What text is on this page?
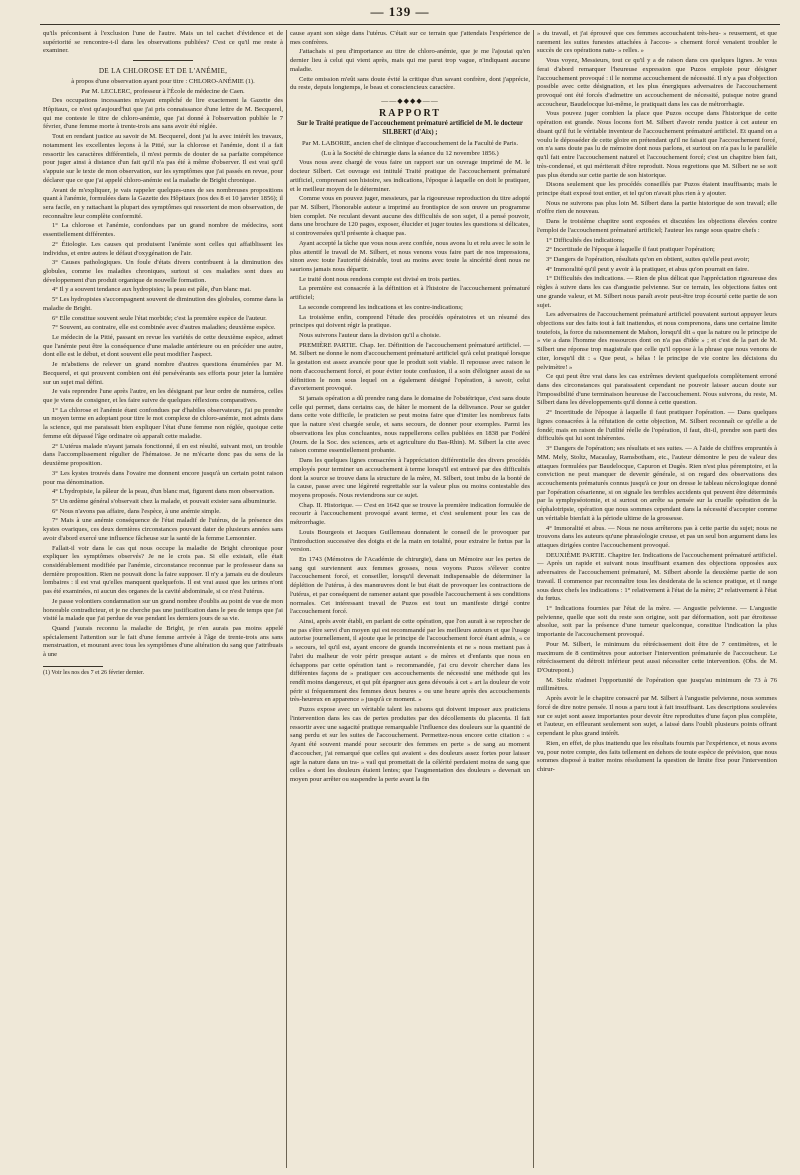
— 139 —

qu'ils préconisent à l'exclusion l'une de l'autre. Mais un tel cachet d'évidence et de supériorité se rencontre-t-il dans les observations publiées? C'est ce qu'il me reste à examiner.

DE LA CHLOROSE ET DE L'ANÉMIE,

à propos d'une observation ayant pour titre : CHLORO-ANÉMIE (1).

Par M. LECLERC, professeur à l'École de médecine de Caen.

Des occupations incessantes m'ayant empêché de lire exactement la Gazette des Hôpitaux, ce n'est qu'aujourd'hui que j'ai pris connaissance d'une lettre de M. Becquerel, qui me conteste le titre de chloro-anémie, que j'ai donné à l'observation publiée le 7 février, d'une femme morte à trente-trois ans sans avoir été réglée.

Tout en rendant justice au savoir de M. Becquerel, dont j'ai lu avec intérêt les travaux, notamment les excellentes leçons à la Pitié, sur la chlorose et l'anémie, dont il a fait ressortir les caractères différentiels, il m'est permis de douter de sa parfaite compétence pour juger ainsi à distance d'un fait qu'il n'a pas été à même d'observer. Il est vrai qu'il s'appuie sur le texte de mon observation, sur les symptômes que j'ai passés en revue, pour déclarer que ce que j'ai appelé chloro-anémie est la maladie de Bright chronique.

Avant de m'expliquer, je vais rappeler quelques-unes de ses nombreuses propositions quant à l'anémie, formulées dans la Gazette des Hôpitaux (nos des 8 et 10 janvier 1856); il sera facile, en y rattachant la plupart des symptômes qui ressortent de mon observation, de reconnaître leur complète conformité.

1° La chlorose et l'anémie, confondues par un grand nombre de médecins, sont essentiellement différentes.

2° Étiologie. Les causes qui produisent l'anémie sont celles qui affaiblissent les individus, et entre autres le défaut d'oxygénation de l'air.

3° Causes pathologiques. Un foule d'états divers contribuent à la diminution des globules, comme les maladies chroniques, surtout si ces maladies sont dues au développement d'un produit organique de nouvelle formation.

4° Il y a souvent tendance aux hydropisies; la peau est pâle, d'un blanc mat.

5° Les hydropisies s'accompagnent souvent de diminution des globules, comme dans la maladie de Bright.

6° Elle constitue souvent seule l'état morbide; c'est la première espèce de l'auteur.

7° Souvent, au contraire, elle est combinée avec d'autres maladies; deuxième espèce.

Le médecin de la Pitié, passant en revue les variétés de cette deuxième espèce, admet que l'anémie peut être la conséquence d'une maladie antérieure ou en précéder une autre, dont elle est le début, et dont souvent elle peut modifier l'aspect.

Je m'abstiens de relever un grand nombre d'autres questions énumérées par M. Becquerel, et qui prouvent combien ont été persévérants ses efforts pour jeter la lumière sur un sujet mal défini.

Je vais reprendre l'une après l'autre, en les désignant par leur ordre de numéros, celles que je viens de consigner, et les faire suivre de quelques réflexions comparatives.

1° La chlorose et l'anémie étant confondues par d'habiles observateurs, j'ai pu prendre un moyen terme en adoptant pour titre le mot complexe de chloro-anémie, mot admis dans la science, qui me paraissait bien expliquer l'état d'une femme non réglée, quoique cette femme eût dépassé l'âge ordinaire où apparaît cette maladie.

2° L'utérus malade n'ayant jamais fonctionné, il en est résulté, suivant moi, un trouble dans l'accomplissement régulier de l'hématose. Je ne m'écarte donc pas du sens de la deuxième proposition.

3° Les kystes trouvés dans l'ovaire me donnent encore jusqu'à un certain point raison pour ma dénomination.

4° L'hydropisie, la pâleur de la peau, d'un blanc mat, figurent dans mon observation.

5° Un œdème général s'observait chez la malade, et pouvait exister sans albuminurie.

6° Nous n'avons pas affaire, dans l'espèce, à une anémie simple.

7° Mais à une anémie conséquence de l'état maladif de l'utérus, de la présence des kystes ovariques, ces deux dernières circonstances pouvant dater de plusieurs années sans avoir d'abord exercé une influence fâcheuse sur la santé de la femme Lemonnier.

Fallait-il voir dans le cas qui nous occupe la maladie de Bright chronique pour expliquer les symptômes observés? Je ne le crois pas. Si elle existait, elle était considérablement modifiée par l'anémie, circonstance reconnue par le professeur dans sa dernière proposition. Rien ne pouvait donc la faire supposer. Il n'y a jamais eu de douleurs lombaires : il est vrai qu'elles manquent quelquefois. Il est vrai aussi que les urines n'ont pas été examinées, ni aucun des organes de la cavité abdominale, si ce n'est l'utérus.

Je passe volontiers condamnation sur un grand nombre d'oublis au point de vue de mon honorable contradicteur, et je ne cherche pas une justification dans le peu de temps que j'ai visité la malade que j'ai perdue de vue pendant les derniers jours de sa vie.

Quand j'aurais reconnu la maladie de Bright, je n'en aurais pas moins appelé spécialement l'attention sur le fait d'une femme arrivée à l'âge de trente-trois ans sans menstruation, et mourant avec tous les symptômes d'une altération du sang que j'attribuais à une

(1) Voir les nos des 7 et 26 février dernier.

cause ayant son siège dans l'utérus. C'était sur ce terrain que j'attendais l'expérience de mes confrères.

J'attachais si peu d'importance au titre de chloro-anémie, que je me l'ajoutai qu'en dernier lieu à celui qui vient après, mais qui me parut trop vague, n'indiquant aucune maladie.

Cette omission m'eût sans doute évité la critique d'un savant confrère, dont j'apprécie, du reste, depuis longtemps, le beau et consciencieux caractère.

——◆◆◆◆——
RAPPORT

Sur le Traité pratique de l'accouchement prématuré artificiel de M. le docteur SILBERT (d'Aix) ;

Par M. LABORIE, ancien chef de clinique d'accouchement de la Faculté de Paris.

(Lu à la Société de chirurgie dans la séance du 12 novembre 1856.)

Vous nous avez chargé de vous faire un rapport sur un ouvrage imprimé de M. le docteur Silbert. Cet ouvrage est intitulé Traité pratique de l'accouchement prématuré artificiel, comprenant son histoire, ses indications, l'époque à laquelle on doit le pratiquer, et le meilleur moyen de le déterminer.

Comme vous en pouvez juger, messieurs, par la rigoureuse reproduction du titre adopté par M. Silbert, l'honorable auteur a imprimé au frontispice de son œuvre un programme bien complet. Ne reculant devant aucune des difficultés de son sujet, il a pensé pouvoir, dans une brochure de 120 pages, exposer, élucider et juger toutes les questions si délicates, si controversées qu'il présente à chaque pas.

Ayant accepté la tâche que vous nous avez confiée, nous avons lu et relu avec le soin le plus attentif le travail de M. Silbert, et nous venons vous faire part de nos impressions, sinon avec toute l'autorité désirable, tout au moins avec toute la sincérité dont nous ne saurions jamais nous départir.

Le traité dont nous rendons compte est divisé en trois parties.

La première est consacrée à la définition et à l'histoire de l'accouchement prématuré artificiel;

La seconde comprend les indications et les contre-indications;

La troisième enfin, comprend l'étude des procédés opératoires et un résumé des principes qui doivent régir la pratique.

Nous suivrons l'auteur dans la division qu'il a choisie.

PREMIÈRE PARTIE. Chap. Ier. Définition de l'accouchement prématuré artificiel. — M. Silbert ne donne le nom d'accouchement prématuré artificiel qu'à celui pratiqué lorsque la gestation est assez avancée pour que le produit soit viable. Il repousse avec raison le nom d'accouchement forcé, et pour éviter toute confusion, il a soin d'éloigner aussi de sa définition le nom sous lequel on a également désigné l'opération, à savoir, celui d'avortement provoqué.

Si jamais opération a dû prendre rang dans le domaine de l'obstétrique, c'est sans doute celle qui permet, dans certains cas, de hâter le moment de la délivrance. Pour se guider dans cette voie difficile, le praticien se peut moins faire que d'imiter les nombreux faits que la nature s'est chargée seule, et sans secours, de donner pour exemples. Parmi les observations les plus concluantes, nous rappellerons celles publiées en 1838 par Fodéré (Journ. de la Soc. des sciences, arts et agriculture du Bas-Rhin). M. Silbert la cite avec raison comme essentiellement probante.

Dans les quelques lignes consacrées à l'appréciation différentielle des divers procédés employés pour terminer un accouchement à terme lorsqu'il est entravé par des difficultés dont la source se trouve dans la structure de la mère, M. Silbert, tout imbu de la bonté de la cause, passe avec une légèreté regrettable sur la valeur plus ou moins contestable des moyens proposés. Nous reviendrons sur ce sujet.

Chap. II. Historique. — C'est en 1642 que se trouve la première indication formulée de recourir à l'accouchement provoqué avant terme, et c'est seulement pour les cas de métrorrhagie.

Louis Bourgeois et Jacques Guillemeau donnaient le conseil de le provoquer par l'introduction successive des doigts et de la main en totalité, pour extraire le fœtus par la version.

En 1743 (Mémoires de l'Académie de chirurgie), dans un Mémoire sur les pertes de sang qui surviennent aux femmes grosses, nous voyons Puzos s'élever contre l'accouchement forcé, et conseiller, lorsqu'il devenait indispensable de déterminer la déplétion de l'utérus, à des manœuvres dont le but était de provoquer les contractions de l'utérus, et par conséquent de ramener autant que possible l'accouchement à ses conditions normales. Cet intéressant travail de Puzos est tout un manifeste dirigé contre l'accouchement forcé.

Ainsi, après avoir établi, en parlant de cette opération, que l'on aurait à se reprocher de ne pas s'être servi d'un moyen qui est recommandé par les meilleurs auteurs et que l'usage autorise journellement, il ajoute que le principe de l'accouchement forcé étant admis, « ce » secours, tel qu'il est, ayant encore de grands inconvénients et ne » nous mettant pas à l'abri du malheur de voir périr presque autant » de mères et d'enfants que nous en échappons par cette opération tant » recommandée, j'ai cru devoir chercher dans les différentes façons de » pratiquer ces accouchements de nécessité une méthode qui les rendît moins dangereux, et qui pût épargner aux gens dévoués à cet » art la douleur de voir périr si fréquemment des femmes deux heures » ou une heure après des accouchements très-heureux en apparence » jusqu'à ce moment. »

Puzos expose avec un véritable talent les raisons qui doivent imposer aux praticiens l'intervention dans les cas de pertes produites par des décollements du placenta. Il fait ressortir avec une sagacité pratique remarquable l'influence des douleurs sur la quantité de sang perdu et sur les suites de l'accouchement. Permettez-nous encore cette citation : « Ayant été souvent mandé pour secourir des femmes en perte » de sang au moment d'accoucher, j'ai remarqué que celles qui avaient » des douleurs assez fortes pour laisser agir la nature dans un tra- » vail qui promettait de la célérité perdaient moins de sang que celles » dont les douleurs étaient lentes; que l'augmentation des douleurs » devenait un moyen pour arrêter ou suspendre la perte avant la fin

» du travail, et j'ai éprouvé que ces femmes accouchaient très-heu- » reusement, et que rarement les suites funestes attachées à l'accou- » chement forcé venaient troubler le succès de ces opérations natu- » relles. »

Vous voyez, Messieurs, tout ce qu'il y a de raison dans ces quelques lignes. Je vous ferai d'abord remarquer l'heureuse expression que Puzos emploie pour désigner l'accouchement provoqué : il le nomme accouchement de nécessité. Il n'y a pas d'objection possible avec cette désignation, et les plus énergiques adversaires de l'accouchement provoqué ont été forcés d'admettre un accouchement de nécessité, puisque notre grand accoucheur, Baudelocque lui-même, le pratiquait dans les cas de métrorrhagie.

Vous pouvez juger combien la place que Puzos occupe dans l'historique de cette opération est grande. Nous locons fort M. Silbert d'avoir rendu justice à cet auteur en disant qu'il fut le véritable inventeur de l'accouchement prématuré artificiel. Et quand on a voulu le déposséder de cette gloire en prétendant qu'il ne faisait que l'accouchement forcé, on n'a sans doute pas lu de mémoire dont nous parlons, et surtout on n'a pas lu le parallèle qu'il fait entre l'accouchement naturel et l'accouchement forcé; c'est un chapitre bien fait, très-condensé, et qui mériterait d'être reproduit. Nous regrettons que M. Silbert ne se soit pas plus étendu sur cette partie de son historique.

Disons seulement que les procédés conseillés par Puzos étaient insuffisants; mais le principe était exposé tout entier, et tel qu'on n'avait plus rien à y ajouter.

Nous ne suivrons pas plus loin M. Silbert dans la partie historique de son travail; elle n'offre rien de nouveau.

Dans le troisième chapitre sont exposées et discutées les objections élevées contre l'emploi de l'accouchement prématuré artificiel; l'auteur les range sous quatre chefs :

1° Difficultés des indications;

2° Incertitude de l'époque à laquelle il faut pratiquer l'opération;

3° Dangers de l'opération, résultats qu'on en obtient, suites qu'elle peut avoir;

4° Immoralité qu'il peut y avoir à la pratiquer, et abus qu'on pourrait en faire.

1° Difficultés des indications. — Rien de plus délicat que l'appréciation rigoureuse des règles à suivre dans les cas d'angustie pelvienne. Sur ce terrain, les objections faites ont une grande valeur, et M. Silbert nous paraît avoir peut-être trop écourté cette partie de son sujet.

Les adversaires de l'accouchement prématuré artificiel pouvaient surtout appuyer leurs objections sur des faits tout à fait inattendus, et nous comprenons, dans une certaine limite toutefois, la force du raisonnement de Mahon, lorsqu'il dit « que la nature ou le principe de » vie a dans l'homme des ressources dont on n'a pas d'idée » ; et c'est de la part de M. Silbert une réponse trop magistrale que celle qu'il oppose à la phrase que nous venons de citer, lorsqu'il dit : « Que peut, » hélas ! le principe de vie contre les décisions du pelvimètre! »

Ce qui peut être vrai dans les cas extrêmes devient quelquefois complètement erroné dans des circonstances qui paraissaient cependant ne pouvoir laisser aucun doute sur l'impossibilité d'une terminaison heureuse de l'accouchement. Nous suivrons, du reste, M. Silbert dans les développements qu'il donne à cette question.

2° Incertitude de l'époque à laquelle il faut pratiquer l'opération. — Dans quelques lignes consacrées à la réfutation de cette objection, M. Silbert reconnaît ce qu'elle a de fondé; mais en raison de l'utilité réelle de l'opération, il faut, dit-il, prendre son parti des difficultés qui lui sont inhérentes.

3° Dangers de l'opération; ses résultats et ses suites. — A l'aide de chiffres empruntés à MM. Mely, Stoltz, Macaulay, Ramsbotham, etc., l'auteur démontre le peu de valeur des attaques formulées par Baudelocque, Capuron et Dugès. Rien n'est plus péremptoire, et la conviction ne peut manquer de devenir générale, si on regard des observations des accouchements prématurés connus jusqu'à ce jour on dresse le tableau nécrologique donné par l'opération césarienne, si on signale les terribles accidents qui peuvent être déterminés par la symphyséotomie, et si surtout on arrête sa pensée sur la cruelle opération de la céphalotripsie, opération que nous sommes cependant dans la nécessité d'accepter comme un véritable bienfait à la période ultime de la grossesse.

4° Immoralité et abus. — Nous ne nous arrêterons pas à cette partie du sujet; nous ne trouvons dans les auteurs qu'une phraséologie creuse, et pas un seul bon argument dans les attaques dirigées contre l'accouchement provoqué.

DEUXIÈME PARTIE. Chapitre Ier. Indications de l'accouchement prématuré artificiel. — Après un rapide et suivant nous insuffisant examen des objections opposées aux adversaires de l'accouchement prématuré, M. Silbert aborde la deuxième partie de son travail. Il commence par reconnaître tous les desiderata de la science pratique, et il range sous deux chefs les indications : 1° relativement à l'état de la mère; 2° relativement à l'état du fœtus.

1° Indications fournies par l'état de la mère. — Angustie pelvienne. — L'angustie pelvienne, quelle que soit du reste son origine, soit par déformation, soit par étroitesse absolue, soit par la présence d'une tumeur quelconque, constitue l'indication la plus importante de l'accouchement provoqué.

Pour M. Silbert, le minimum du rétrécissement doit être de 7 centimètres, et le maximum de 8 centimètres pour autoriser l'intervention prématurée de l'accoucheur. Le rétrécissement du détroit inférieur peut aussi nécessiter cette intervention. (Obs. de M. D'Outrepont.)

M. Stoltz n'admet l'opportunité de l'opération que jusqu'au minimum de 73 à 76 millimètres.

Après avoir le le chapitre consacré par M. Silbert à l'angustie pelvienne, nous sommes forcé de dire notre pensée. Il nous a paru tout à fait insuffisant. Les descriptions soulevées sur ce sujet sont assez importantes pour devoir être reproduites d'une façon plus complète, et l'auteur, en effleurant seulement son sujet, a laissé dans l'oubli plusieurs points offrant cependant le plus grand intérêt.

Rien, en effet, de plus inattendu que les résultats fournis par l'expérience, et nous avons vu, pour notre compte, des faits tellement en dehors de toute espèce de prévision, que nous sommes disposé à traiter moins résolument la question de limite fixe pour l'intervention chirur-
